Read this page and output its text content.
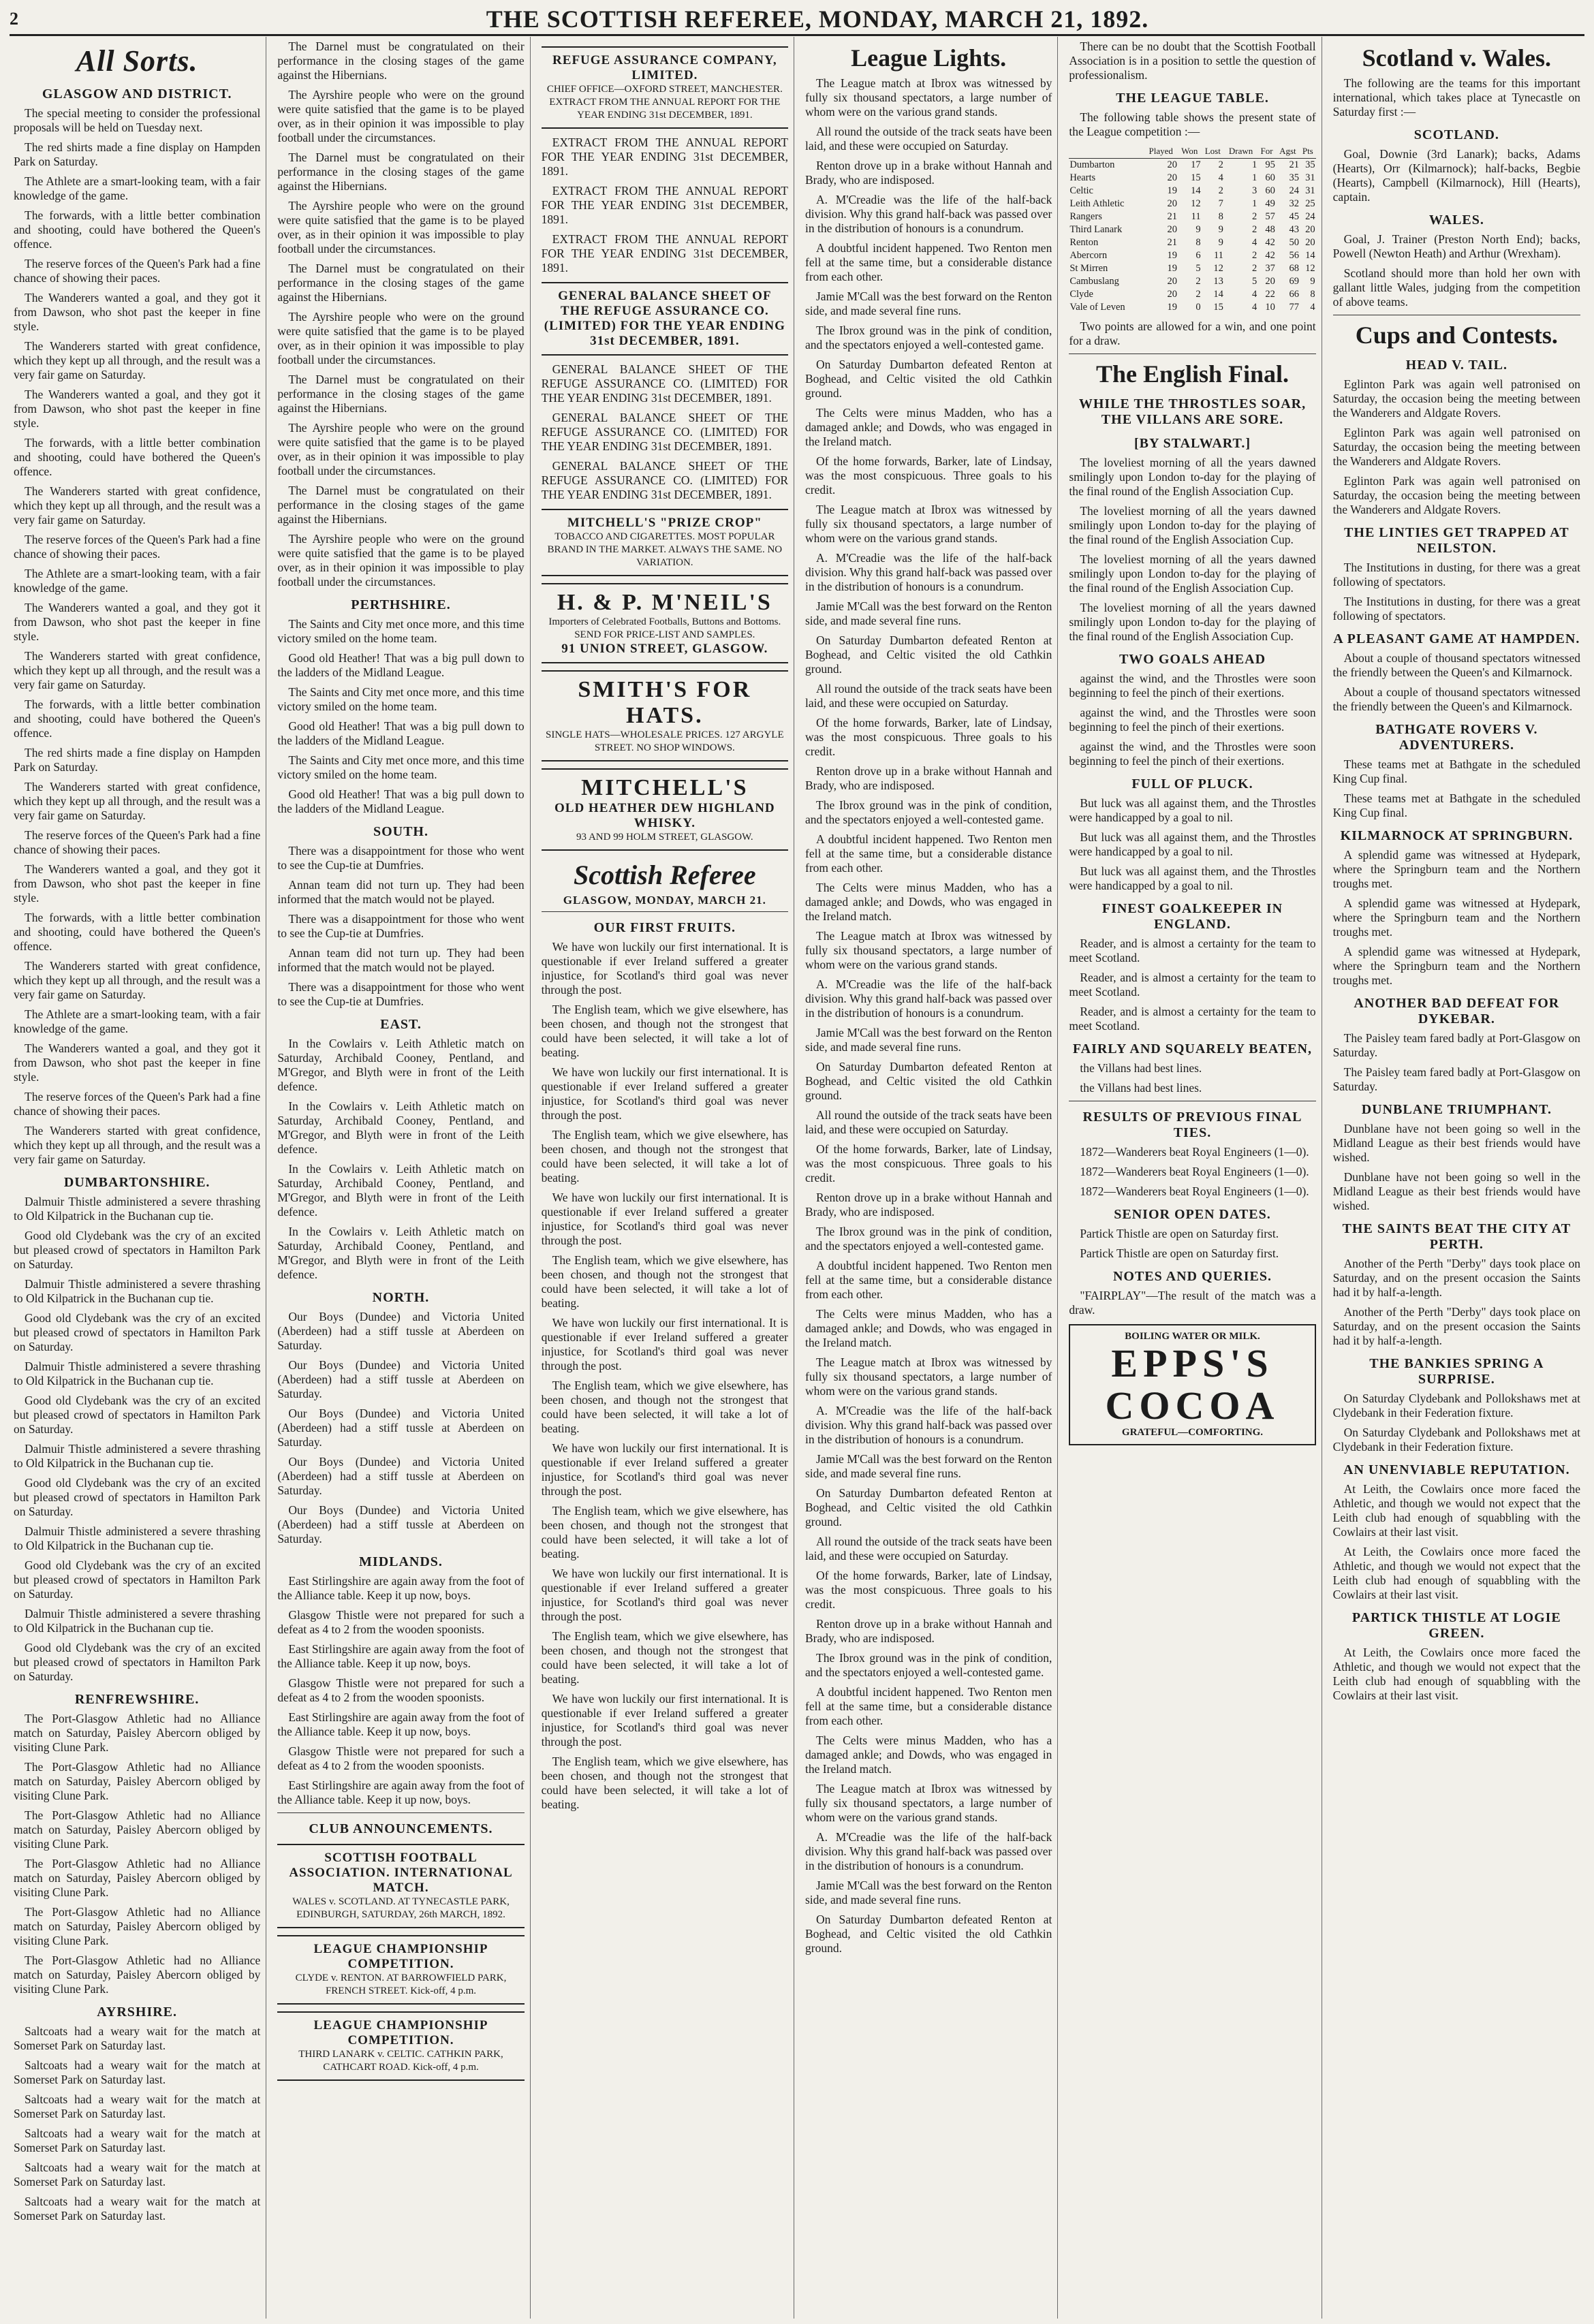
2	THE SCOTTISH REFEREE, MONDAY, MARCH 21, 1892.
All Sorts.
GLASGOW AND DISTRICT.

The special meeting to consider the professional proposals will be held on Tuesday next.

The red shirts made a fine display on Hampden Park on Saturday.

The Athlete are a smart-looking team, with a fair knowledge of the game.

The forwards, with a little better combination and shooting, could have bothered the Queen's offence.

The reserve forces of the Queen's Park had a fine chance of showing their paces.

The Wanderers wanted a goal, and they got it from Dawson, who shot past the keeper in fine style.

The Wanderers started with great confidence, which they kept up all through, and the result was a very fair game on Saturday.

The Wanderers wanted a goal, and they got it from Dawson, who shot past the keeper in fine style.

The forwards, with a little better combination and shooting, could have bothered the Queen's offence.

The Wanderers started with great confidence, which they kept up all through, and the result was a very fair game on Saturday.

The reserve forces of the Queen's Park had a fine chance of showing their paces.

The Athlete are a smart-looking team, with a fair knowledge of the game.

The Wanderers wanted a goal, and they got it from Dawson, who shot past the keeper in fine style.

The Wanderers started with great confidence, which they kept up all through, and the result was a very fair game on Saturday.

The forwards, with a little better combination and shooting, could have bothered the Queen's offence.

The red shirts made a fine display on Hampden Park on Saturday.

The Wanderers started with great confidence, which they kept up all through, and the result was a very fair game on Saturday.

The reserve forces of the Queen's Park had a fine chance of showing their paces.

The Wanderers wanted a goal, and they got it from Dawson, who shot past the keeper in fine style.

The forwards, with a little better combination and shooting, could have bothered the Queen's offence.

The Wanderers started with great confidence, which they kept up all through, and the result was a very fair game on Saturday.

The Athlete are a smart-looking team, with a fair knowledge of the game.

The Wanderers wanted a goal, and they got it from Dawson, who shot past the keeper in fine style.

The reserve forces of the Queen's Park had a fine chance of showing their paces.

The Wanderers started with great confidence, which they kept up all through, and the result was a very fair game on Saturday.

DUMBARTONSHIRE.

Dalmuir Thistle administered a severe thrashing to Old Kilpatrick in the Buchanan cup tie.

Good old Clydebank was the cry of an excited but pleased crowd of spectators in Hamilton Park on Saturday.

Dalmuir Thistle administered a severe thrashing to Old Kilpatrick in the Buchanan cup tie.

Good old Clydebank was the cry of an excited but pleased crowd of spectators in Hamilton Park on Saturday.

Dalmuir Thistle administered a severe thrashing to Old Kilpatrick in the Buchanan cup tie.

Good old Clydebank was the cry of an excited but pleased crowd of spectators in Hamilton Park on Saturday.

Dalmuir Thistle administered a severe thrashing to Old Kilpatrick in the Buchanan cup tie.

Good old Clydebank was the cry of an excited but pleased crowd of spectators in Hamilton Park on Saturday.

Dalmuir Thistle administered a severe thrashing to Old Kilpatrick in the Buchanan cup tie.

Good old Clydebank was the cry of an excited but pleased crowd of spectators in Hamilton Park on Saturday.

Dalmuir Thistle administered a severe thrashing to Old Kilpatrick in the Buchanan cup tie.

Good old Clydebank was the cry of an excited but pleased crowd of spectators in Hamilton Park on Saturday.

RENFREWSHIRE.

The Port-Glasgow Athletic had no Alliance match on Saturday, Paisley Abercorn obliged by visiting Clune Park.

The Port-Glasgow Athletic had no Alliance match on Saturday, Paisley Abercorn obliged by visiting Clune Park.

The Port-Glasgow Athletic had no Alliance match on Saturday, Paisley Abercorn obliged by visiting Clune Park.

The Port-Glasgow Athletic had no Alliance match on Saturday, Paisley Abercorn obliged by visiting Clune Park.

The Port-Glasgow Athletic had no Alliance match on Saturday, Paisley Abercorn obliged by visiting Clune Park.

The Port-Glasgow Athletic had no Alliance match on Saturday, Paisley Abercorn obliged by visiting Clune Park.

AYRSHIRE.

Saltcoats had a weary wait for the match at Somerset Park on Saturday last.

Saltcoats had a weary wait for the match at Somerset Park on Saturday last.

Saltcoats had a weary wait for the match at Somerset Park on Saturday last.

Saltcoats had a weary wait for the match at Somerset Park on Saturday last.

Saltcoats had a weary wait for the match at Somerset Park on Saturday last.

Saltcoats had a weary wait for the match at Somerset Park on Saturday last.

The Darnel must be congratulated on their performance in the closing stages of the game against the Hibernians.

The Ayrshire people who were on the ground were quite satisfied that the game is to be played over, as in their opinion it was impossible to play football under the circumstances.

The Darnel must be congratulated on their performance in the closing stages of the game against the Hibernians.

The Ayrshire people who were on the ground were quite satisfied that the game is to be played over, as in their opinion it was impossible to play football under the circumstances.

The Darnel must be congratulated on their performance in the closing stages of the game against the Hibernians.

The Ayrshire people who were on the ground were quite satisfied that the game is to be played over, as in their opinion it was impossible to play football under the circumstances.

The Darnel must be congratulated on their performance in the closing stages of the game against the Hibernians.

The Ayrshire people who were on the ground were quite satisfied that the game is to be played over, as in their opinion it was impossible to play football under the circumstances.

The Darnel must be congratulated on their performance in the closing stages of the game against the Hibernians.

The Ayrshire people who were on the ground were quite satisfied that the game is to be played over, as in their opinion it was impossible to play football under the circumstances.

PERTHSHIRE.

The Saints and City met once more, and this time victory smiled on the home team.

Good old Heather! That was a big pull down to the ladders of the Midland League.

The Saints and City met once more, and this time victory smiled on the home team.

Good old Heather! That was a big pull down to the ladders of the Midland League.

The Saints and City met once more, and this time victory smiled on the home team.

Good old Heather! That was a big pull down to the ladders of the Midland League.

SOUTH.

There was a disappointment for those who went to see the Cup-tie at Dumfries.

Annan team did not turn up. They had been informed that the match would not be played.

There was a disappointment for those who went to see the Cup-tie at Dumfries.

Annan team did not turn up. They had been informed that the match would not be played.

There was a disappointment for those who went to see the Cup-tie at Dumfries.

EAST.

In the Cowlairs v. Leith Athletic match on Saturday, Archibald Cooney, Pentland, and M'Gregor, and Blyth were in front of the Leith defence.

In the Cowlairs v. Leith Athletic match on Saturday, Archibald Cooney, Pentland, and M'Gregor, and Blyth were in front of the Leith defence.

In the Cowlairs v. Leith Athletic match on Saturday, Archibald Cooney, Pentland, and M'Gregor, and Blyth were in front of the Leith defence.

In the Cowlairs v. Leith Athletic match on Saturday, Archibald Cooney, Pentland, and M'Gregor, and Blyth were in front of the Leith defence.

NORTH.

Our Boys (Dundee) and Victoria United (Aberdeen) had a stiff tussle at Aberdeen on Saturday.

Our Boys (Dundee) and Victoria United (Aberdeen) had a stiff tussle at Aberdeen on Saturday.

Our Boys (Dundee) and Victoria United (Aberdeen) had a stiff tussle at Aberdeen on Saturday.

Our Boys (Dundee) and Victoria United (Aberdeen) had a stiff tussle at Aberdeen on Saturday.

Our Boys (Dundee) and Victoria United (Aberdeen) had a stiff tussle at Aberdeen on Saturday.

MIDLANDS.

East Stirlingshire are again away from the foot of the Alliance table. Keep it up now, boys.

Glasgow Thistle were not prepared for such a defeat as 4 to 2 from the wooden spoonists.

East Stirlingshire are again away from the foot of the Alliance table. Keep it up now, boys.

Glasgow Thistle were not prepared for such a defeat as 4 to 2 from the wooden spoonists.

East Stirlingshire are again away from the foot of the Alliance table. Keep it up now, boys.

Glasgow Thistle were not prepared for such a defeat as 4 to 2 from the wooden spoonists.

East Stirlingshire are again away from the foot of the Alliance table. Keep it up now, boys.

CLUB ANNOUNCEMENTS.
SCOTTISH FOOTBALL ASSOCIATION. INTERNATIONAL MATCH.
WALES v. SCOTLAND. AT TYNECASTLE PARK, EDINBURGH, SATURDAY, 26th MARCH, 1892.
LEAGUE CHAMPIONSHIP COMPETITION.
CLYDE v. RENTON. AT BARROWFIELD PARK, FRENCH STREET. Kick-off, 4 p.m.
LEAGUE CHAMPIONSHIP COMPETITION.
THIRD LANARK v. CELTIC. CATHKIN PARK, CATHCART ROAD. Kick-off, 4 p.m.
REFUGE ASSURANCE COMPANY, LIMITED.
CHIEF OFFICE—OXFORD STREET, MANCHESTER.
EXTRACT FROM THE ANNUAL REPORT FOR THE YEAR ENDING 31st DECEMBER, 1891.

EXTRACT FROM THE ANNUAL REPORT FOR THE YEAR ENDING 31st DECEMBER, 1891.

EXTRACT FROM THE ANNUAL REPORT FOR THE YEAR ENDING 31st DECEMBER, 1891.

EXTRACT FROM THE ANNUAL REPORT FOR THE YEAR ENDING 31st DECEMBER, 1891.

GENERAL BALANCE SHEET OF THE REFUGE ASSURANCE CO. (LIMITED) FOR THE YEAR ENDING 31st DECEMBER, 1891.

GENERAL BALANCE SHEET OF THE REFUGE ASSURANCE CO. (LIMITED) FOR THE YEAR ENDING 31st DECEMBER, 1891.

GENERAL BALANCE SHEET OF THE REFUGE ASSURANCE CO. (LIMITED) FOR THE YEAR ENDING 31st DECEMBER, 1891.

GENERAL BALANCE SHEET OF THE REFUGE ASSURANCE CO. (LIMITED) FOR THE YEAR ENDING 31st DECEMBER, 1891.

MITCHELL'S "PRIZE CROP"
TOBACCO AND CIGARETTES. MOST POPULAR BRAND IN THE MARKET. ALWAYS THE SAME. NO VARIATION.
H. & P. M'NEIL'S
Importers of Celebrated Footballs, Buttons and Bottoms. SEND FOR PRICE-LIST AND SAMPLES.
91 UNION STREET, GLASGOW.
SMITH'S FOR HATS.
SINGLE HATS—WHOLESALE PRICES. 127 ARGYLE STREET. NO SHOP WINDOWS.
MITCHELL'S
OLD HEATHER DEW HIGHLAND WHISKY.
93 AND 99 HOLM STREET, GLASGOW.
Scottish Referee
GLASGOW, MONDAY, MARCH 21.
OUR FIRST FRUITS.

We have won luckily our first international. It is questionable if ever Ireland suffered a greater injustice, for Scotland's third goal was never through the post.

The English team, which we give elsewhere, has been chosen, and though not the strongest that could have been selected, it will take a lot of beating.

We have won luckily our first international. It is questionable if ever Ireland suffered a greater injustice, for Scotland's third goal was never through the post.

The English team, which we give elsewhere, has been chosen, and though not the strongest that could have been selected, it will take a lot of beating.

We have won luckily our first international. It is questionable if ever Ireland suffered a greater injustice, for Scotland's third goal was never through the post.

The English team, which we give elsewhere, has been chosen, and though not the strongest that could have been selected, it will take a lot of beating.

We have won luckily our first international. It is questionable if ever Ireland suffered a greater injustice, for Scotland's third goal was never through the post.

The English team, which we give elsewhere, has been chosen, and though not the strongest that could have been selected, it will take a lot of beating.

We have won luckily our first international. It is questionable if ever Ireland suffered a greater injustice, for Scotland's third goal was never through the post.

The English team, which we give elsewhere, has been chosen, and though not the strongest that could have been selected, it will take a lot of beating.

We have won luckily our first international. It is questionable if ever Ireland suffered a greater injustice, for Scotland's third goal was never through the post.

The English team, which we give elsewhere, has been chosen, and though not the strongest that could have been selected, it will take a lot of beating.

We have won luckily our first international. It is questionable if ever Ireland suffered a greater injustice, for Scotland's third goal was never through the post.

The English team, which we give elsewhere, has been chosen, and though not the strongest that could have been selected, it will take a lot of beating.

League Lights.

The League match at Ibrox was witnessed by fully six thousand spectators, a large number of whom were on the various grand stands.

All round the outside of the track seats have been laid, and these were occupied on Saturday.

Renton drove up in a brake without Hannah and Brady, who are indisposed.

A. M'Creadie was the life of the half-back division. Why this grand half-back was passed over in the distribution of honours is a conundrum.

A doubtful incident happened. Two Renton men fell at the same time, but a considerable distance from each other.

Jamie M'Call was the best forward on the Renton side, and made several fine runs.

The Ibrox ground was in the pink of condition, and the spectators enjoyed a well-contested game.

On Saturday Dumbarton defeated Renton at Boghead, and Celtic visited the old Cathkin ground.

The Celts were minus Madden, who has a damaged ankle; and Dowds, who was engaged in the Ireland match.

Of the home forwards, Barker, late of Lindsay, was the most conspicuous. Three goals to his credit.

The League match at Ibrox was witnessed by fully six thousand spectators, a large number of whom were on the various grand stands.

A. M'Creadie was the life of the half-back division. Why this grand half-back was passed over in the distribution of honours is a conundrum.

Jamie M'Call was the best forward on the Renton side, and made several fine runs.

On Saturday Dumbarton defeated Renton at Boghead, and Celtic visited the old Cathkin ground.

All round the outside of the track seats have been laid, and these were occupied on Saturday.

Of the home forwards, Barker, late of Lindsay, was the most conspicuous. Three goals to his credit.

Renton drove up in a brake without Hannah and Brady, who are indisposed.

The Ibrox ground was in the pink of condition, and the spectators enjoyed a well-contested game.

A doubtful incident happened. Two Renton men fell at the same time, but a considerable distance from each other.

The Celts were minus Madden, who has a damaged ankle; and Dowds, who was engaged in the Ireland match.

The League match at Ibrox was witnessed by fully six thousand spectators, a large number of whom were on the various grand stands.

A. M'Creadie was the life of the half-back division. Why this grand half-back was passed over in the distribution of honours is a conundrum.

Jamie M'Call was the best forward on the Renton side, and made several fine runs.

On Saturday Dumbarton defeated Renton at Boghead, and Celtic visited the old Cathkin ground.

All round the outside of the track seats have been laid, and these were occupied on Saturday.

Of the home forwards, Barker, late of Lindsay, was the most conspicuous. Three goals to his credit.

Renton drove up in a brake without Hannah and Brady, who are indisposed.

The Ibrox ground was in the pink of condition, and the spectators enjoyed a well-contested game.

A doubtful incident happened. Two Renton men fell at the same time, but a considerable distance from each other.

The Celts were minus Madden, who has a damaged ankle; and Dowds, who was engaged in the Ireland match.

The League match at Ibrox was witnessed by fully six thousand spectators, a large number of whom were on the various grand stands.

A. M'Creadie was the life of the half-back division. Why this grand half-back was passed over in the distribution of honours is a conundrum.

Jamie M'Call was the best forward on the Renton side, and made several fine runs.

On Saturday Dumbarton defeated Renton at Boghead, and Celtic visited the old Cathkin ground.

All round the outside of the track seats have been laid, and these were occupied on Saturday.

Of the home forwards, Barker, late of Lindsay, was the most conspicuous. Three goals to his credit.

Renton drove up in a brake without Hannah and Brady, who are indisposed.

The Ibrox ground was in the pink of condition, and the spectators enjoyed a well-contested game.

A doubtful incident happened. Two Renton men fell at the same time, but a considerable distance from each other.

The Celts were minus Madden, who has a damaged ankle; and Dowds, who was engaged in the Ireland match.

The League match at Ibrox was witnessed by fully six thousand spectators, a large number of whom were on the various grand stands.

A. M'Creadie was the life of the half-back division. Why this grand half-back was passed over in the distribution of honours is a conundrum.

Jamie M'Call was the best forward on the Renton side, and made several fine runs.

On Saturday Dumbarton defeated Renton at Boghead, and Celtic visited the old Cathkin ground.

There can be no doubt that the Scottish Football Association is in a position to settle the question of professionalism.

THE LEAGUE TABLE.

The following table shows the present state of the League competition :—

	Played	Won	Lost	Drawn	For	Agst	Pts
Dumbarton	20	17	2	1	95	21	35
Hearts	20	15	4	1	60	35	31
Celtic	19	14	2	3	60	24	31
Leith Athletic	20	12	7	1	49	32	25
Rangers	21	11	8	2	57	45	24
Third Lanark	20	9	9	2	48	43	20
Renton	21	8	9	4	42	50	20
Abercorn	19	6	11	2	42	56	14
St Mirren	19	5	12	2	37	68	12
Cambuslang	20	2	13	5	20	69	9
Clyde	20	2	14	4	22	66	8
Vale of Leven	19	0	15	4	10	77	4

Two points are allowed for a win, and one point for a draw.

The English Final.
WHILE THE THROSTLES SOAR, THE VILLANS ARE SORE.
[BY STALWART.]

The loveliest morning of all the years dawned smilingly upon London to-day for the playing of the final round of the English Association Cup.

The loveliest morning of all the years dawned smilingly upon London to-day for the playing of the final round of the English Association Cup.

The loveliest morning of all the years dawned smilingly upon London to-day for the playing of the final round of the English Association Cup.

The loveliest morning of all the years dawned smilingly upon London to-day for the playing of the final round of the English Association Cup.

TWO GOALS AHEAD

against the wind, and the Throstles were soon beginning to feel the pinch of their exertions.

against the wind, and the Throstles were soon beginning to feel the pinch of their exertions.

against the wind, and the Throstles were soon beginning to feel the pinch of their exertions.

FULL OF PLUCK.

But luck was all against them, and the Throstles were handicapped by a goal to nil.

But luck was all against them, and the Throstles were handicapped by a goal to nil.

But luck was all against them, and the Throstles were handicapped by a goal to nil.

FINEST GOALKEEPER IN ENGLAND.

Reader, and is almost a certainty for the team to meet Scotland.

Reader, and is almost a certainty for the team to meet Scotland.

Reader, and is almost a certainty for the team to meet Scotland.

FAIRLY AND SQUARELY BEATEN,

the Villans had best lines.

the Villans had best lines.

RESULTS OF PREVIOUS FINAL TIES.

1872—Wanderers beat Royal Engineers (1—0).

1872—Wanderers beat Royal Engineers (1—0).

1872—Wanderers beat Royal Engineers (1—0).

SENIOR OPEN DATES.

Partick Thistle are open on Saturday first.

Partick Thistle are open on Saturday first.

NOTES AND QUERIES.

"FAIRPLAY"—The result of the match was a draw.

BOILING WATER OR MILK.
EPPS'S COCOA
GRATEFUL—COMFORTING.
Scotland v. Wales.

The following are the teams for this important international, which takes place at Tynecastle on Saturday first :—

SCOTLAND.

Goal, Downie (3rd Lanark); backs, Adams (Hearts), Orr (Kilmarnock); half-backs, Begbie (Hearts), Campbell (Kilmarnock), Hill (Hearts), captain.

WALES.

Goal, J. Trainer (Preston North End); backs, Powell (Newton Heath) and Arthur (Wrexham).

Scotland should more than hold her own with gallant little Wales, judging from the competition of above teams.

Cups and Contests.
HEAD V. TAIL.

Eglinton Park was again well patronised on Saturday, the occasion being the meeting between the Wanderers and Aldgate Rovers.

Eglinton Park was again well patronised on Saturday, the occasion being the meeting between the Wanderers and Aldgate Rovers.

Eglinton Park was again well patronised on Saturday, the occasion being the meeting between the Wanderers and Aldgate Rovers.

THE LINTIES GET TRAPPED AT NEILSTON.

The Institutions in dusting, for there was a great following of spectators.

The Institutions in dusting, for there was a great following of spectators.

A PLEASANT GAME AT HAMPDEN.

About a couple of thousand spectators witnessed the friendly between the Queen's and Kilmarnock.

About a couple of thousand spectators witnessed the friendly between the Queen's and Kilmarnock.

BATHGATE ROVERS V. ADVENTURERS.

These teams met at Bathgate in the scheduled King Cup final.

These teams met at Bathgate in the scheduled King Cup final.

KILMARNOCK AT SPRINGBURN.

A splendid game was witnessed at Hydepark, where the Springburn team and the Northern troughs met.

A splendid game was witnessed at Hydepark, where the Springburn team and the Northern troughs met.

A splendid game was witnessed at Hydepark, where the Springburn team and the Northern troughs met.

ANOTHER BAD DEFEAT FOR DYKEBAR.

The Paisley team fared badly at Port-Glasgow on Saturday.

The Paisley team fared badly at Port-Glasgow on Saturday.

DUNBLANE TRIUMPHANT.

Dunblane have not been going so well in the Midland League as their best friends would have wished.

Dunblane have not been going so well in the Midland League as their best friends would have wished.

THE SAINTS BEAT THE CITY AT PERTH.

Another of the Perth "Derby" days took place on Saturday, and on the present occasion the Saints had it by half-a-length.

Another of the Perth "Derby" days took place on Saturday, and on the present occasion the Saints had it by half-a-length.

THE BANKIES SPRING A SURPRISE.

On Saturday Clydebank and Pollokshaws met at Clydebank in their Federation fixture.

On Saturday Clydebank and Pollokshaws met at Clydebank in their Federation fixture.

AN UNENVIABLE REPUTATION.

At Leith, the Cowlairs once more faced the Athletic, and though we would not expect that the Leith club had enough of squabbling with the Cowlairs at their last visit.

At Leith, the Cowlairs once more faced the Athletic, and though we would not expect that the Leith club had enough of squabbling with the Cowlairs at their last visit.

PARTICK THISTLE AT LOGIE GREEN.

At Leith, the Cowlairs once more faced the Athletic, and though we would not expect that the Leith club had enough of squabbling with the Cowlairs at their last visit.
